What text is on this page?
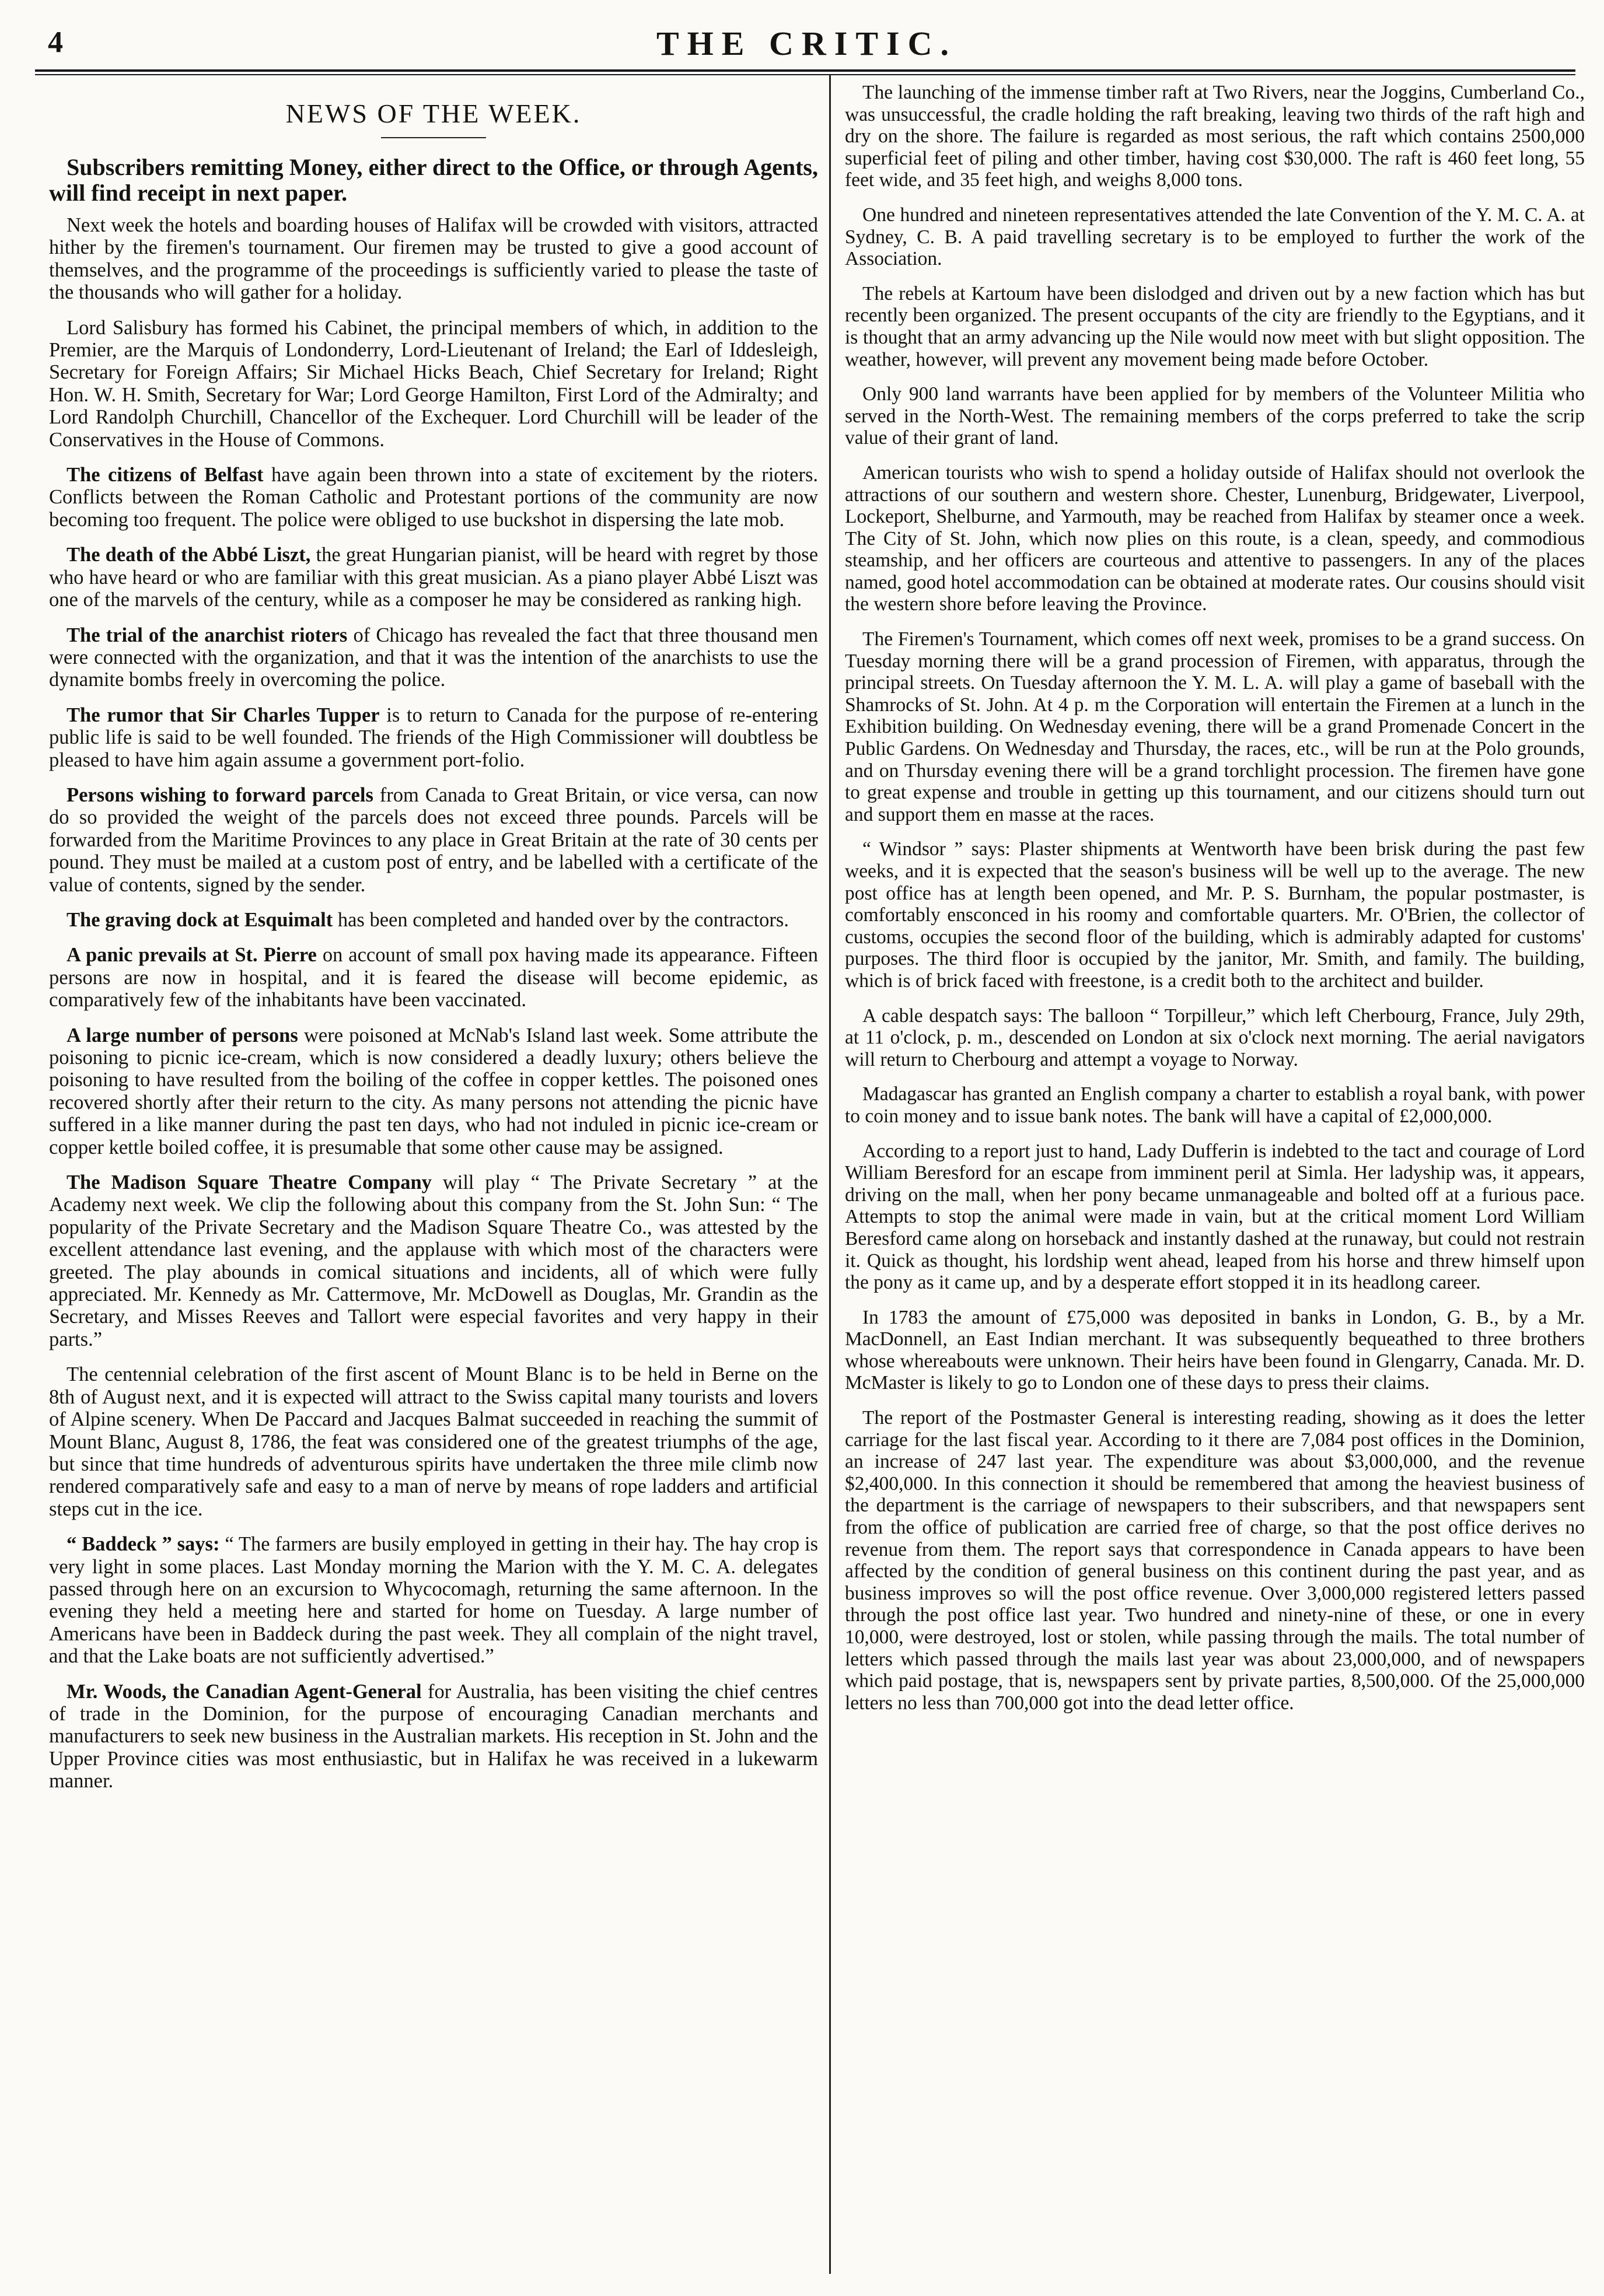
4	THE CRITIC.
NEWS OF THE WEEK.
Subscribers remitting Money, either direct to the Office, or through Agents, will find receipt in next paper.

Next week the hotels and boarding houses of Halifax will be crowded with visitors, attracted hither by the firemen's tournament. Our firemen may be trusted to give a good account of themselves, and the programme of the proceedings is sufficiently varied to please the taste of the thousands who will gather for a holiday.

Lord Salisbury has formed his Cabinet, the principal members of which, in addition to the Premier, are the Marquis of Londonderry, Lord-Lieutenant of Ireland; the Earl of Iddesleigh, Secretary for Foreign Affairs; Sir Michael Hicks Beach, Chief Secretary for Ireland; Right Hon. W. H. Smith, Secretary for War; Lord George Hamilton, First Lord of the Admiralty; and Lord Randolph Churchill, Chancellor of the Exchequer. Lord Churchill will be leader of the Conservatives in the House of Commons.

The citizens of Belfast have again been thrown into a state of excitement by the rioters. Conflicts between the Roman Catholic and Protestant portions of the community are now becoming too frequent. The police were obliged to use buckshot in dispersing the late mob.

The death of the Abbé Liszt, the great Hungarian pianist, will be heard with regret by those who have heard or who are familiar with this great musician. As a piano player Abbé Liszt was one of the marvels of the century, while as a composer he may be considered as ranking high.

The trial of the anarchist rioters of Chicago has revealed the fact that three thousand men were connected with the organization, and that it was the intention of the anarchists to use the dynamite bombs freely in overcoming the police.

The rumor that Sir Charles Tupper is to return to Canada for the purpose of re-entering public life is said to be well founded. The friends of the High Commissioner will doubtless be pleased to have him again assume a government port-folio.

Persons wishing to forward parcels from Canada to Great Britain, or vice versa, can now do so provided the weight of the parcels does not exceed three pounds. Parcels will be forwarded from the Maritime Provinces to any place in Great Britain at the rate of 30 cents per pound. They must be mailed at a custom post of entry, and be labelled with a certificate of the value of contents, signed by the sender.

The graving dock at Esquimalt has been completed and handed over by the contractors.

A panic prevails at St. Pierre on account of small pox having made its appearance. Fifteen persons are now in hospital, and it is feared the disease will become epidemic, as comparatively few of the inhabitants have been vaccinated.

A large number of persons were poisoned at McNab's Island last week. Some attribute the poisoning to picnic ice-cream, which is now considered a deadly luxury; others believe the poisoning to have resulted from the boiling of the coffee in copper kettles. The poisoned ones recovered shortly after their return to the city. As many persons not attending the picnic have suffered in a like manner during the past ten days, who had not induled in picnic ice-cream or copper kettle boiled coffee, it is presumable that some other cause may be assigned.

The Madison Square Theatre Company will play “ The Private Secretary ” at the Academy next week. We clip the following about this company from the St. John Sun: “ The popularity of the Private Secretary and the Madison Square Theatre Co., was attested by the excellent attendance last evening, and the applause with which most of the characters were greeted. The play abounds in comical situations and incidents, all of which were fully appreciated. Mr. Kennedy as Mr. Cattermove, Mr. McDowell as Douglas, Mr. Grandin as the Secretary, and Misses Reeves and Tallort were especial favorites and very happy in their parts.”

The centennial celebration of the first ascent of Mount Blanc is to be held in Berne on the 8th of August next, and it is expected will attract to the Swiss capital many tourists and lovers of Alpine scenery. When De Paccard and Jacques Balmat succeeded in reaching the summit of Mount Blanc, August 8, 1786, the feat was considered one of the greatest triumphs of the age, but since that time hundreds of adventurous spirits have undertaken the three mile climb now rendered comparatively safe and easy to a man of nerve by means of rope ladders and artificial steps cut in the ice.

“ Baddeck ” says: “ The farmers are busily employed in getting in their hay. The hay crop is very light in some places. Last Monday morning the Marion with the Y. M. C. A. delegates passed through here on an excursion to Whycocomagh, returning the same afternoon. In the evening they held a meeting here and started for home on Tuesday. A large number of Americans have been in Baddeck during the past week. They all complain of the night travel, and that the Lake boats are not sufficiently advertised.”

Mr. Woods, the Canadian Agent-General for Australia, has been visiting the chief centres of trade in the Dominion, for the purpose of encouraging Canadian merchants and manufacturers to seek new business in the Australian markets. His reception in St. John and the Upper Province cities was most enthusiastic, but in Halifax he was received in a lukewarm manner.

The launching of the immense timber raft at Two Rivers, near the Joggins, Cumberland Co., was unsuccessful, the cradle holding the raft breaking, leaving two thirds of the raft high and dry on the shore. The failure is regarded as most serious, the raft which contains 2500,000 superficial feet of piling and other timber, having cost $30,000. The raft is 460 feet long, 55 feet wide, and 35 feet high, and weighs 8,000 tons.

One hundred and nineteen representatives attended the late Convention of the Y. M. C. A. at Sydney, C. B. A paid travelling secretary is to be employed to further the work of the Association.

The rebels at Kartoum have been dislodged and driven out by a new faction which has but recently been organized. The present occupants of the city are friendly to the Egyptians, and it is thought that an army advancing up the Nile would now meet with but slight opposition. The weather, however, will prevent any movement being made before October.

Only 900 land warrants have been applied for by members of the Volunteer Militia who served in the North-West. The remaining members of the corps preferred to take the scrip value of their grant of land.

American tourists who wish to spend a holiday outside of Halifax should not overlook the attractions of our southern and western shore. Chester, Lunenburg, Bridgewater, Liverpool, Lockeport, Shelburne, and Yarmouth, may be reached from Halifax by steamer once a week. The City of St. John, which now plies on this route, is a clean, speedy, and commodious steamship, and her officers are courteous and attentive to passengers. In any of the places named, good hotel accommodation can be obtained at moderate rates. Our cousins should visit the western shore before leaving the Province.

The Firemen's Tournament, which comes off next week, promises to be a grand success. On Tuesday morning there will be a grand procession of Firemen, with apparatus, through the principal streets. On Tuesday afternoon the Y. M. L. A. will play a game of baseball with the Shamrocks of St. John. At 4 p. m the Corporation will entertain the Firemen at a lunch in the Exhibition building. On Wednesday evening, there will be a grand Promenade Concert in the Public Gardens. On Wednesday and Thursday, the races, etc., will be run at the Polo grounds, and on Thursday evening there will be a grand torchlight procession. The firemen have gone to great expense and trouble in getting up this tournament, and our citizens should turn out and support them en masse at the races.

“ Windsor ” says: Plaster shipments at Wentworth have been brisk during the past few weeks, and it is expected that the season's business will be well up to the average. The new post office has at length been opened, and Mr. P. S. Burnham, the popular postmaster, is comfortably ensconced in his roomy and comfortable quarters. Mr. O'Brien, the collector of customs, occupies the second floor of the building, which is admirably adapted for customs' purposes. The third floor is occupied by the janitor, Mr. Smith, and family. The building, which is of brick faced with freestone, is a credit both to the architect and builder.

A cable despatch says: The balloon “ Torpilleur,” which left Cherbourg, France, July 29th, at 11 o'clock, p. m., descended on London at six o'clock next morning. The aerial navigators will return to Cherbourg and attempt a voyage to Norway.

Madagascar has granted an English company a charter to establish a royal bank, with power to coin money and to issue bank notes. The bank will have a capital of £2,000,000.

According to a report just to hand, Lady Dufferin is indebted to the tact and courage of Lord William Beresford for an escape from imminent peril at Simla. Her ladyship was, it appears, driving on the mall, when her pony became unmanageable and bolted off at a furious pace. Attempts to stop the animal were made in vain, but at the critical moment Lord William Beresford came along on horseback and instantly dashed at the runaway, but could not restrain it. Quick as thought, his lordship went ahead, leaped from his horse and threw himself upon the pony as it came up, and by a desperate effort stopped it in its headlong career.

In 1783 the amount of £75,000 was deposited in banks in London, G. B., by a Mr. MacDonnell, an East Indian merchant. It was subsequently bequeathed to three brothers whose whereabouts were unknown. Their heirs have been found in Glengarry, Canada. Mr. D. McMaster is likely to go to London one of these days to press their claims.

The report of the Postmaster General is interesting reading, showing as it does the letter carriage for the last fiscal year. According to it there are 7,084 post offices in the Dominion, an increase of 247 last year. The expenditure was about $3,000,000, and the revenue $2,400,000. In this connection it should be remembered that among the heaviest business of the department is the carriage of newspapers to their subscribers, and that newspapers sent from the office of publication are carried free of charge, so that the post office derives no revenue from them. The report says that correspondence in Canada appears to have been affected by the condition of general business on this continent during the past year, and as business improves so will the post office revenue. Over 3,000,000 registered letters passed through the post office last year. Two hundred and ninety-nine of these, or one in every 10,000, were destroyed, lost or stolen, while passing through the mails. The total number of letters which passed through the mails last year was about 23,000,000, and of newspapers which paid postage, that is, newspapers sent by private parties, 8,500,000. Of the 25,000,000 letters no less than 700,000 got into the dead letter office.
